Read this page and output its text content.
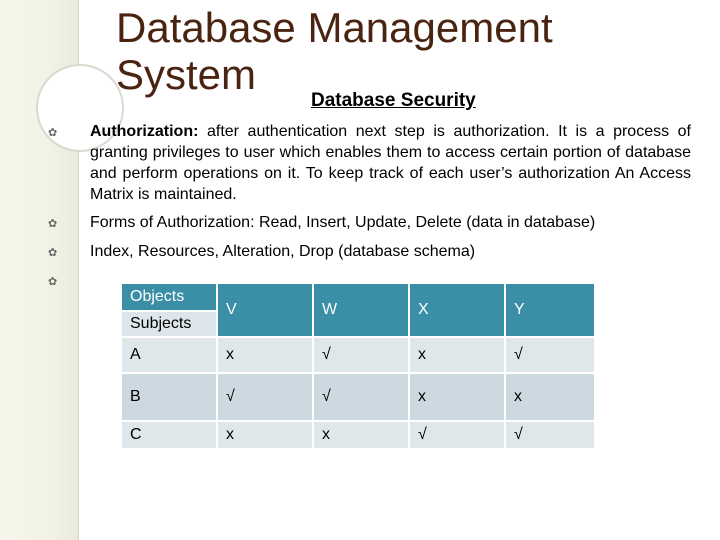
Database Management System
Database Security
✿ Authorization: after authentication next step is authorization. It is a process of granting privileges to user which enables them to access certain portion of database and perform operations on it. To keep track of each user’s authorization An Access Matrix is maintained.
✿ Forms of Authorization: Read, Insert, Update, Delete (data in database)
✿ Index, Resources, Alteration, Drop (database schema)
✿
Objects	V	W	X	Y
Subjects				
A	x	√	x	√
B	√	√	x	x
C	x	x	√	√
